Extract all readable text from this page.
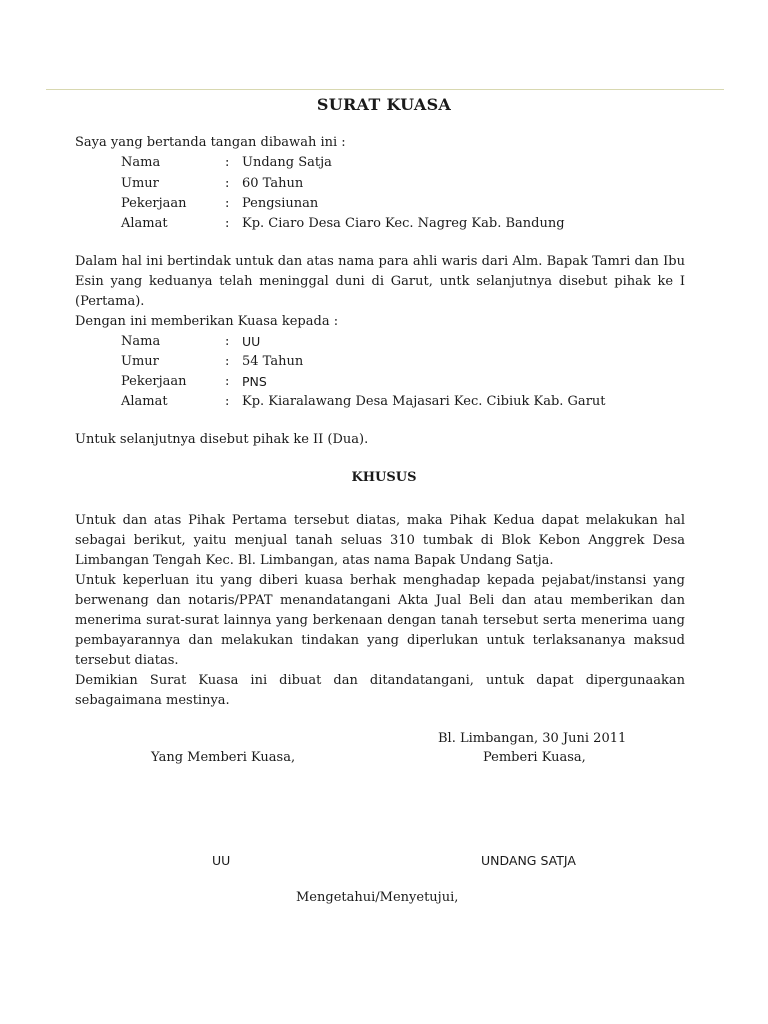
SURAT KUASA
Saya yang bertanda tangan dibawah ini :
Nama	: Undang Satja
Umur	: 60 Tahun
Pekerjaan	: Pengsiunan
Alamat	: Kp. Ciaro Desa Ciaro Kec. Nagreg Kab. Bandung
Dalam hal ini bertindak untuk dan atas nama para ahli waris dari Alm. Bapak Tamri dan Ibu
Esin yang keduanya telah meninggal duni di Garut, untk selanjutnya disebut pihak ke I
(Pertama).
Dengan ini memberikan Kuasa kepada :
Nama	: UU
Umur	: 54 Tahun
Pekerjaan	: PNS
Alamat	: Kp. Kiaralawang Desa Majasari Kec. Cibiuk Kab. Garut
Untuk selanjutnya disebut pihak ke II (Dua).
KHUSUS
Untuk dan atas Pihak Pertama tersebut diatas, maka Pihak Kedua dapat melakukan hal
sebagai berikut, yaitu menjual tanah seluas 310 tumbak di Blok Kebon Anggrek Desa
Limbangan Tengah Kec. Bl. Limbangan, atas nama Bapak Undang Satja.
Untuk keperluan itu yang diberi kuasa berhak menghadap kepada pejabat/instansi yang
berwenang dan notaris/PPAT menandatangani Akta Jual Beli dan atau memberikan dan
menerima surat-surat lainnya yang berkenaan dengan tanah tersebut serta menerima uang
pembayarannya dan melakukan tindakan yang diperlukan untuk terlaksananya maksud
tersebut diatas.
Demikian Surat Kuasa ini dibuat dan ditandatangani, untuk dapat dipergunaakan
sebagaimana mestinya.
Bl. Limbangan, 30 Juni 2011
Yang Memberi Kuasa,	Pemberi Kuasa,
UU	UNDANG SATJA
Mengetahui/Menyetujui,
